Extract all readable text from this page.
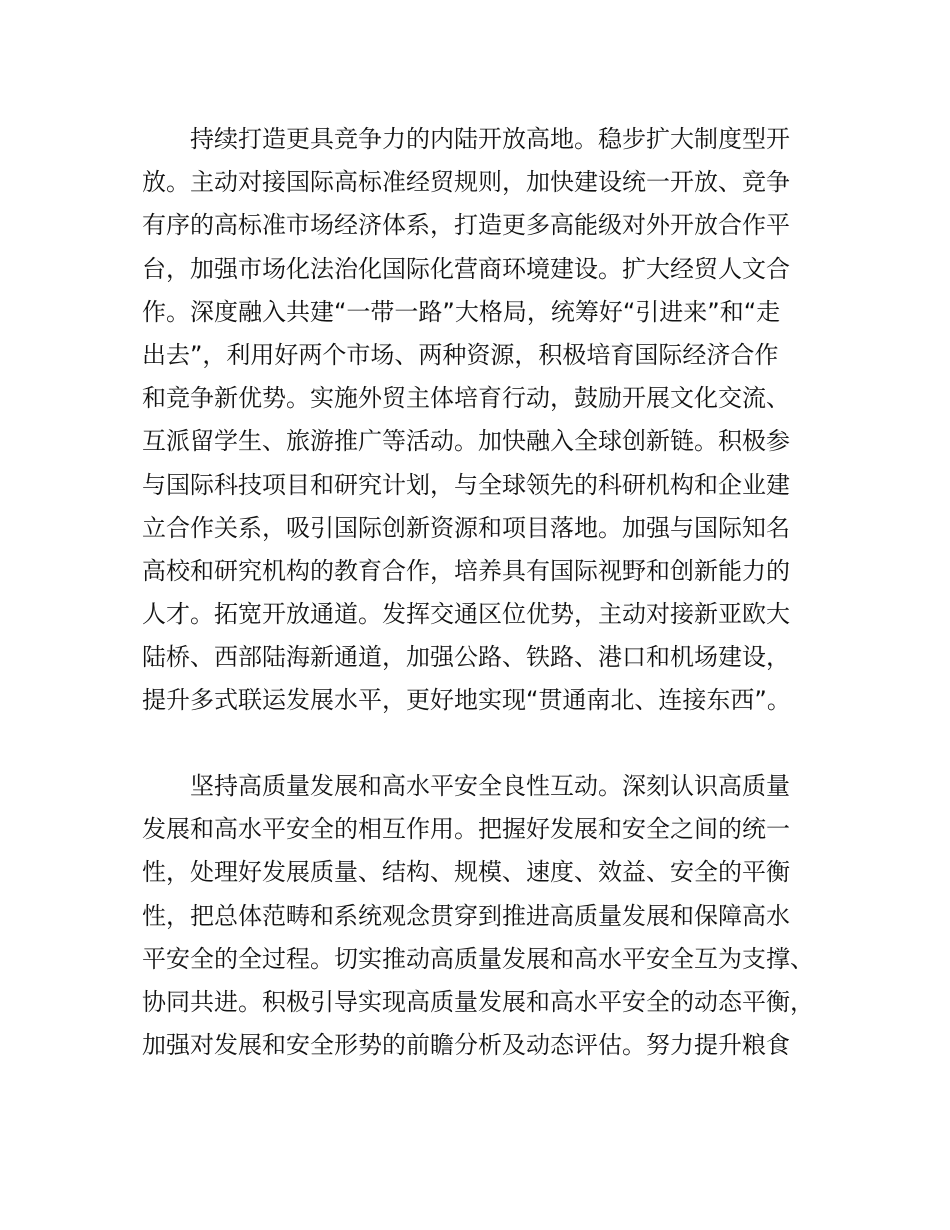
持续打造更具竞争力的内陆开放高地。稳步扩大制度型开
放。主动对接国际高标准经贸规则，加快建设统一开放、竞争
有序的高标准市场经济体系，打造更多高能级对外开放合作平
台，加强市场化法治化国际化营商环境建设。扩大经贸人文合
作。深度融入共建“一带一路”大格局，统筹好“引进来”和“走
出去”，利用好两个市场、两种资源，积极培育国际经济合作
和竞争新优势。实施外贸主体培育行动，鼓励开展文化交流、
互派留学生、旅游推广等活动。加快融入全球创新链。积极参
与国际科技项目和研究计划，与全球领先的科研机构和企业建
立合作关系，吸引国际创新资源和项目落地。加强与国际知名
高校和研究机构的教育合作，培养具有国际视野和创新能力的
人才。拓宽开放通道。发挥交通区位优势，主动对接新亚欧大
陆桥、西部陆海新通道，加强公路、铁路、港口和机场建设，
提升多式联运发展水平，更好地实现“贯通南北、连接东西”。
坚持高质量发展和高水平安全良性互动。深刻认识高质量
发展和高水平安全的相互作用。把握好发展和安全之间的统一
性，处理好发展质量、结构、规模、速度、效益、安全的平衡
性，把总体范畴和系统观念贯穿到推进高质量发展和保障高水
平安全的全过程。切实推动高质量发展和高水平安全互为支撑、
协同共进。积极引导实现高质量发展和高水平安全的动态平衡，
加强对发展和安全形势的前瞻分析及动态评估。努力提升粮食
